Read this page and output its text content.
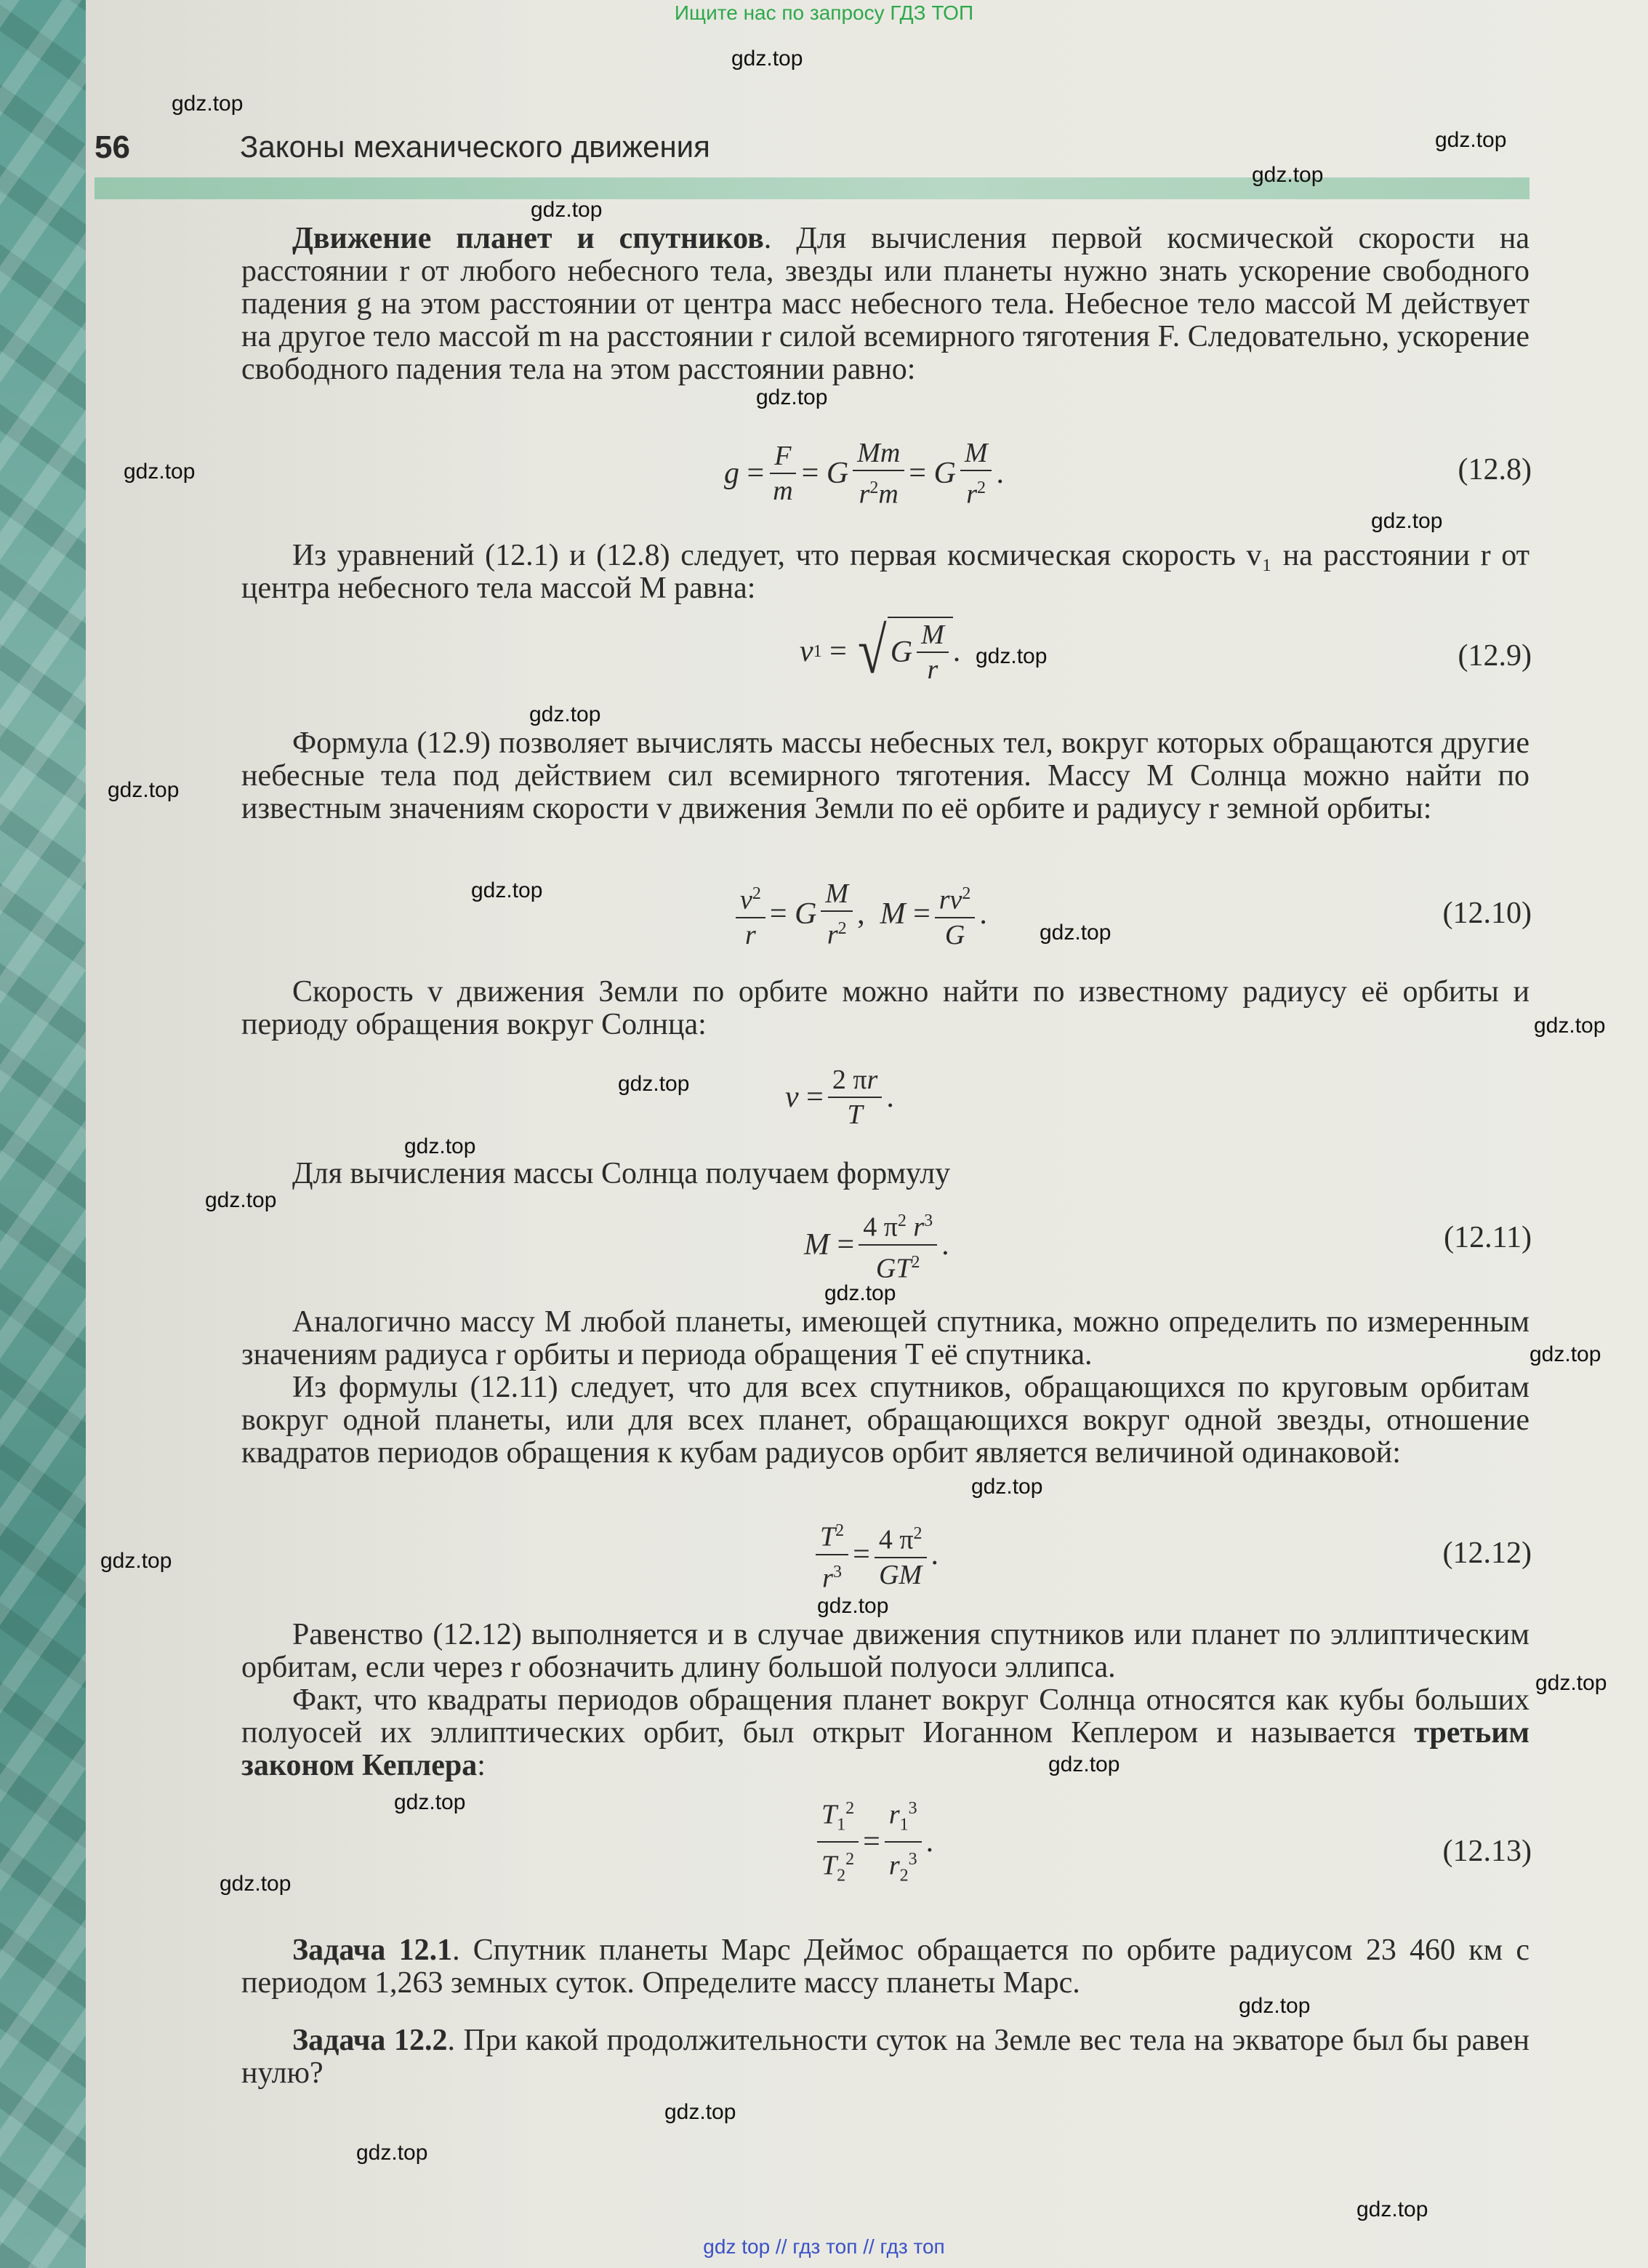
Ищите нас по запросу ГДЗ ТОП
56	Законы механического движения
Движение планет и спутников. Для вычисления первой космической скорости на расстоянии r от любого небесного тела, звезды или планеты нужно знать ускорение свободного падения g на этом расстоянии от центра масс небесного тела. Небесное тело массой M действует на другое тело массой m на расстоянии r силой всемирного тяготения F. Следовательно, ускорение свободного падения тела на этом расстоянии равно:
$g = \frac{F}{m} = G \frac{Mm}{r^2m} = G \frac{M}{r^2}$ .	(12.8)
Из уравнений (12.1) и (12.8) следует, что первая космическая скорость v₁ на расстоянии r от центра небесного тела массой M равна:
v 1 = √ G $\frac{M}{r}$ .	(12.9)
Формула (12.9) позволяет вычислять массы небесных тел, вокруг которых обращаются другие небесные тела под действием сил всемирного тяготения. Массу M Солнца можно найти по известным значениям скорости v движения Земли по её орбите и радиусу r земной орбиты:
$\frac{v^2}{r} = G \frac{M}{r^2}$ , $M = \frac{rv^2}{G}$ .	(12.10)
Скорость v движения Земли по орбите можно найти по известному радиусу её орбиты и периоду обращения вокруг Солнца:
$v = \frac{2 \pi r}{T}$ .
Для вычисления массы Солнца получаем формулу
$M = \frac{4 \pi^2 r^3}{GT^2}$ .	(12.11)
Аналогично массу M любой планеты, имеющей спутника, можно определить по измеренным значениям радиуса r орбиты и периода обращения T её спутника.
Из формулы (12.11) следует, что для всех спутников, обращающихся по круговым орбитам вокруг одной планеты, или для всех планет, обращающихся вокруг одной звезды, отношение квадратов периодов обращения к кубам радиусов орбит является величиной одинаковой:
$\frac{T^2}{r^3} = \frac{4 \pi^2}{GM}$ .	(12.12)
Равенство (12.12) выполняется и в случае движения спутников или планет по эллиптическим орбитам, если через r обозначить длину большой полуоси эллипса.
Факт, что квадраты периодов обращения планет вокруг Солнца относятся как кубы больших полуосей их эллиптических орбит, был открыт Иоганном Кеплером и называется третьим законом Кеплера:
$\frac{T_1^2}{T_2^2} = \frac{r_1^3}{r_2^3}$ .	(12.13)
Задача 12.1. Спутник планеты Марс Деймос обращается по орбите радиусом 23 460 км с периодом 1,263 земных суток. Определите массу планеты Марс.
Задача 12.2. При какой продолжительности суток на Земле вес тела на экваторе был бы равен нулю?
gdz.top
gdz.top
gdz.top
gdz.top
gdz.top
gdz.top
gdz.top
gdz.top
gdz.top
gdz.top
gdz.top
gdz.top
gdz.top
gdz.top
gdz.top
gdz.top
gdz.top
gdz.top
gdz.top
gdz.top
gdz.top
gdz.top
gdz.top
gdz.top
gdz.top
gdz.top
gdz.top
gdz.top
gdz.top
gdz.top
gdz top // гдз топ // гдз топ
